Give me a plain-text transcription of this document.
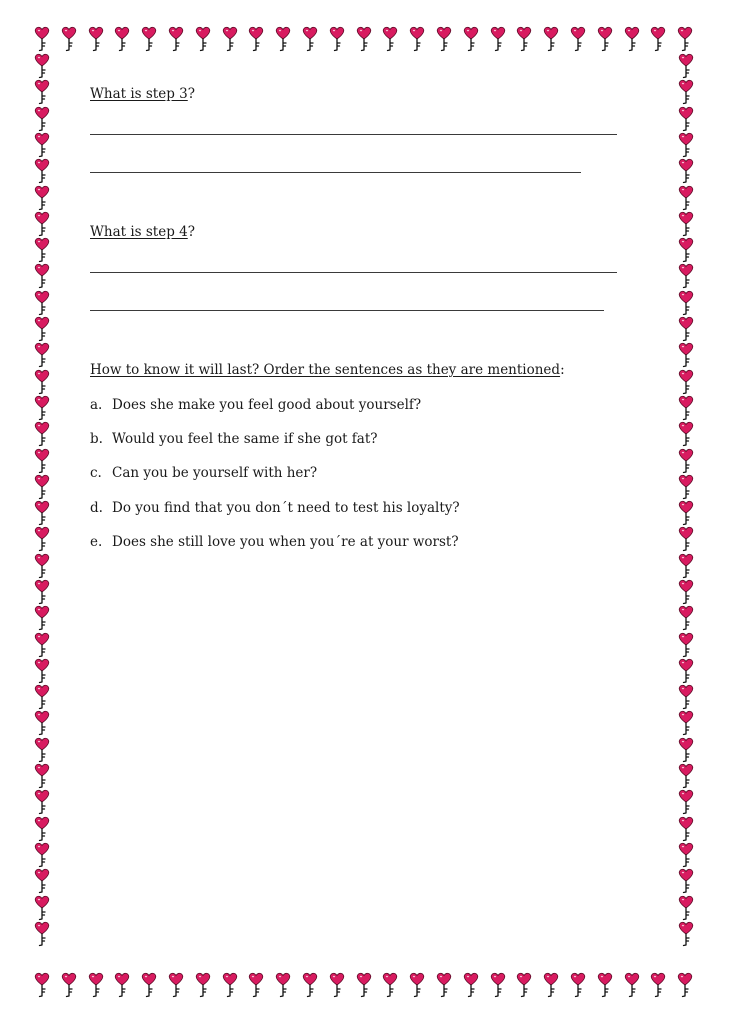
What is step 3?
What is step 4?
How to know it will last? Order the sentences as they are mentioned:
a. Does she make you feel good about yourself?
b. Would you feel the same if she got fat?
c. Can you be yourself with her?
d. Do you find that you don´t need to test his loyalty?
e. Does she still love you when you´re at your worst?
